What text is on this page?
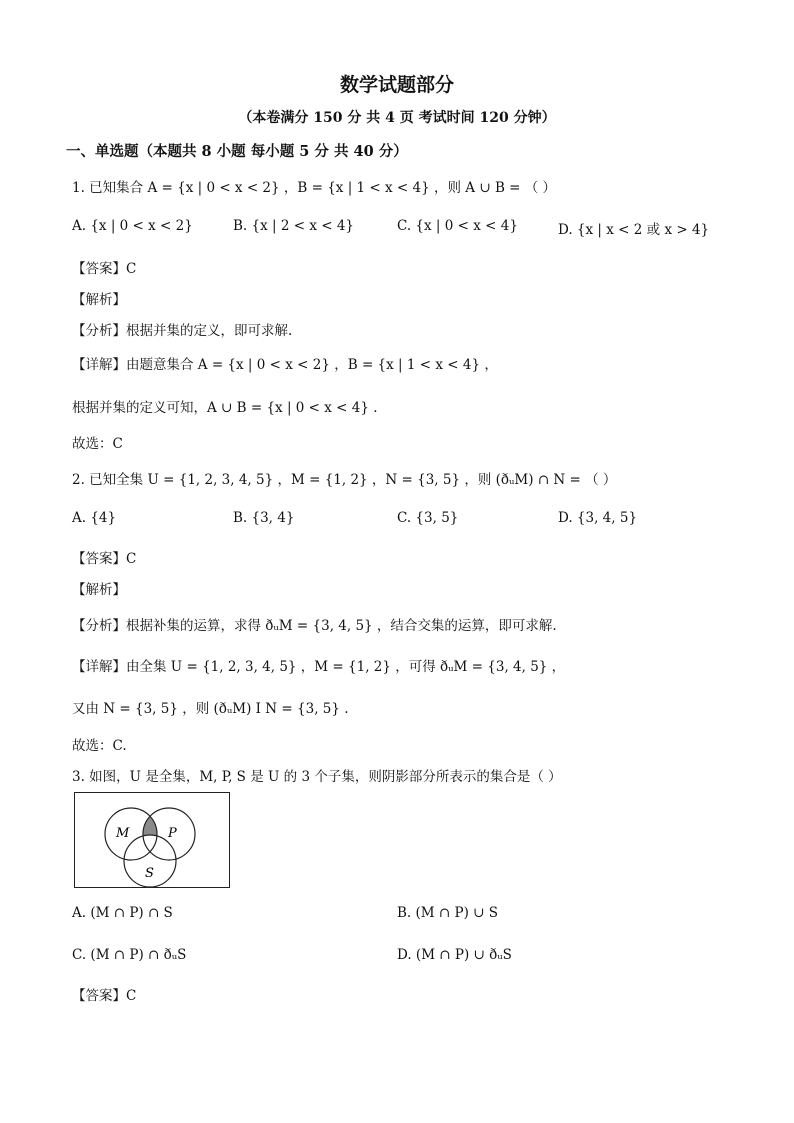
数学试题部分
（本卷满分 150 分 共 4 页 考试时间 120 分钟）
一、单选题（本题共 8 小题 每小题 5 分 共 40 分）
1. 已知集合 A = {x | 0 < x < 2} ，B = {x | 1 < x < 4} ，则 A ∪ B = （ ）
A. {x | 0 < x < 2}	B. {x | 2 < x < 4}	C. {x | 0 < x < 4}	D. {x | x < 2 或 x > 4}
【答案】C
【解析】
【分析】根据并集的定义，即可求解.
【详解】由题意集合 A = {x | 0 < x < 2} ，B = {x | 1 < x < 4} ，
根据并集的定义可知，A ∪ B = {x | 0 < x < 4} .
故选：C
2. 已知全集 U = {1, 2, 3, 4, 5} ，M = {1, 2} ，N = {3, 5} ，则 (ðᵤM) ∩ N = （ ）
A. {4}	B. {3, 4}	C. {3, 5}	D. {3, 4, 5}
【答案】C
【解析】
【分析】根据补集的运算，求得 ðᵤM = {3, 4, 5} ，结合交集的运算，即可求解.
【详解】由全集 U = {1, 2, 3, 4, 5} ，M = {1, 2} ，可得 ðᵤM = {3, 4, 5} ，
又由 N = {3, 5} ，则 (ðᵤM) I N = {3, 5} .
故选：C.
3. 如图，U 是全集，M, P, S 是 U 的 3 个子集，则阴影部分所表示的集合是（ ）
M	P
S
A. (M ∩ P) ∩ S	B. (M ∩ P) ∪ S
C. (M ∩ P) ∩ ðᵤS	D. (M ∩ P) ∪ ðᵤS
【答案】C
